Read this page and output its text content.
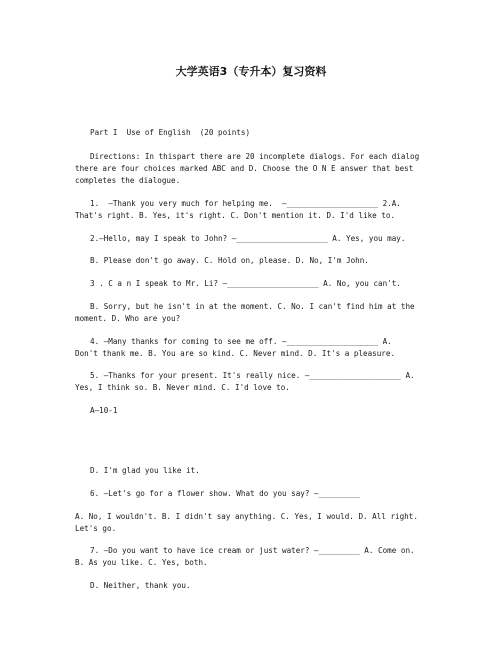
大学英语3（专升本）复习资料
Part I  Use of English  (20 points)
Directions: In thispart there are 20 incomplete dialogs. For each dialog
there are four choices marked ABC and D. Choose the O N E answer that best
completes the dialogue.
1.  —Thank you very much for helping me.  —____________________ 2.A.
That's right. B. Yes, it's right. C. Don't mention it. D. I'd like to.
2.—Hello, may I speak to John? —____________________ A. Yes, you may.
B. Please don't go away. C. Hold on, please. D. No, I'm John.
3 . C a n I speak to Mr. Li? —____________________ A. No, you can't.
B. Sorry, but he isn't in at the moment. C. No. I can't find him at the
moment. D. Who are you?
4. —Many thanks for coming to see me off. —____________________ A.
Don't thank me. B. You are so kind. C. Never mind. D. It's a pleasure.
5. —Thanks for your present. It's really nice. —____________________ A.
Yes, I think so. B. Never mind. C. I'd love to.
A—10-1
D. I'm glad you like it.
6. —Let's go for a flower show. What do you say? —_________
A. No, I wouldn't. B. I didn't say anything. C. Yes, I would. D. All right.
Let's go.
7. —Do you want to have ice cream or just water? —_________ A. Come on.
B. As you like. C. Yes, both.
D. Neither, thank you.
